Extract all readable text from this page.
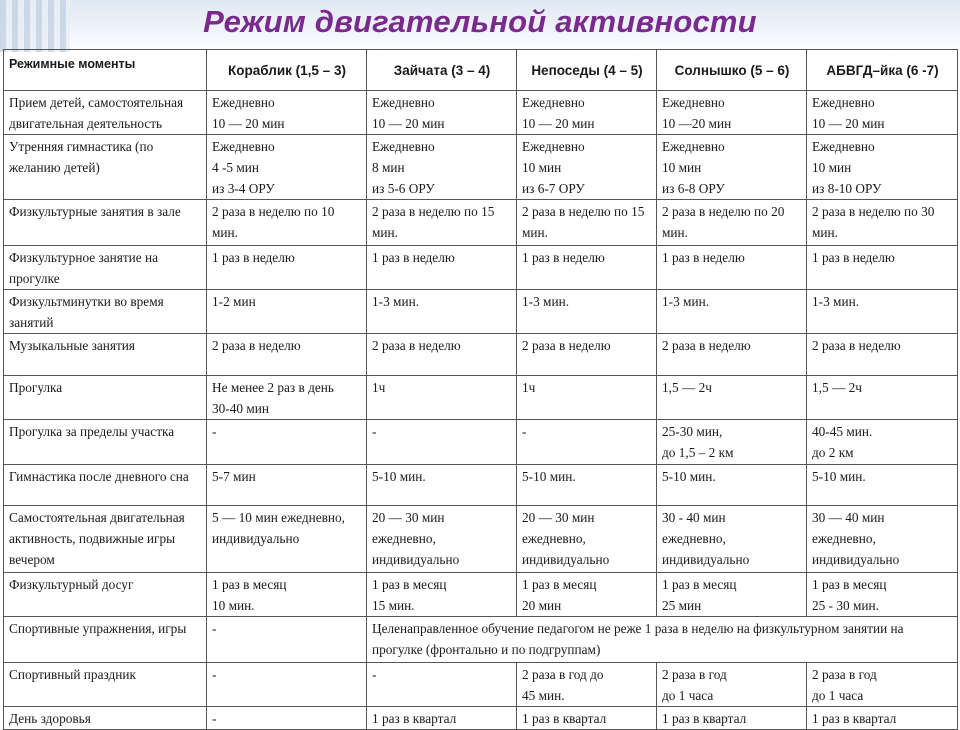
Режим двигательной активности
Режимные моменты	Кораблик (1,5 – 3)	Зайчата (3 – 4)	Непоседы (4 – 5)	Солнышко (5 – 6)	АБВГД–йка (6 -7)

Прием детей, самостоятельная
двигательная деятельность	Ежедневно
10 — 20 мин	Ежедневно
10 — 20 мин	Ежедневно
10 — 20 мин	Ежедневно
10 —20 мин	Ежедневно
10 — 20 мин

Утренняя гимнастика (по
желанию детей)	Ежедневно
4 -5 мин
из 3-4 ОРУ	Ежедневно
8 мин
из 5-6 ОРУ	Ежедневно
10 мин
из 6-7 ОРУ	Ежедневно
10 мин
из 6-8 ОРУ	Ежедневно
10 мин
из 8-10 ОРУ

Физкультурные занятия в зале	2 раза в неделю по 10
мин.	2 раза в неделю по 15
мин.	2 раза в неделю по 15
мин.	2 раза в неделю по 20
мин.	2 раза в неделю по 30
мин.

Физкультурное занятие на
прогулке	1 раз в неделю	1 раз в неделю	1 раз в неделю	1 раз в неделю	1 раз в неделю

Физкультминутки во время
занятий	1-2 мин	1-3 мин.	1-3 мин.	1-3 мин.	1-3 мин.

Музыкальные занятия	2 раза в неделю	2 раза в неделю	2 раза в неделю	2 раза в неделю	2 раза в неделю

Прогулка	Не менее 2 раз в день
30-40 мин	1ч	1ч	1,5 — 2ч	1,5 — 2ч

Прогулка за пределы участка	-	-	-	25-30 мин,
до 1,5 – 2 км	40-45 мин.
до 2 км

Гимнастика после дневного сна	5-7 мин	5-10 мин.	5-10 мин.	5-10 мин.	5-10 мин.

Самостоятельная двигательная
активность, подвижные игры
вечером	5 — 10 мин ежедневно,
индивидуально	20 — 30 мин
ежедневно,
индивидуально	20 — 30 мин
ежедневно,
индивидуально	30 - 40 мин
ежедневно,
индивидуально	30 — 40 мин
ежедневно,
индивидуально

Физкультурный досуг	1 раз в месяц
10 мин.	1 раз в месяц
15 мин.	1 раз в месяц
20 мин	1 раз в месяц
25 мин	1 раз в месяц
25 - 30 мин.

Спортивные упражнения, игры	-	Целенаправленное обучение педагогом не реже 1 раза в неделю на физкультурном занятии на прогулке (фронтально и по подгруппам)			

Спортивный праздник	-	-	2 раза в год до
45 мин.	2 раза в год
до 1 часа	2 раза в год
до 1 часа

День здоровья	-	1 раз в квартал	1 раз в квартал	1 раз в квартал	1 раз в квартал
